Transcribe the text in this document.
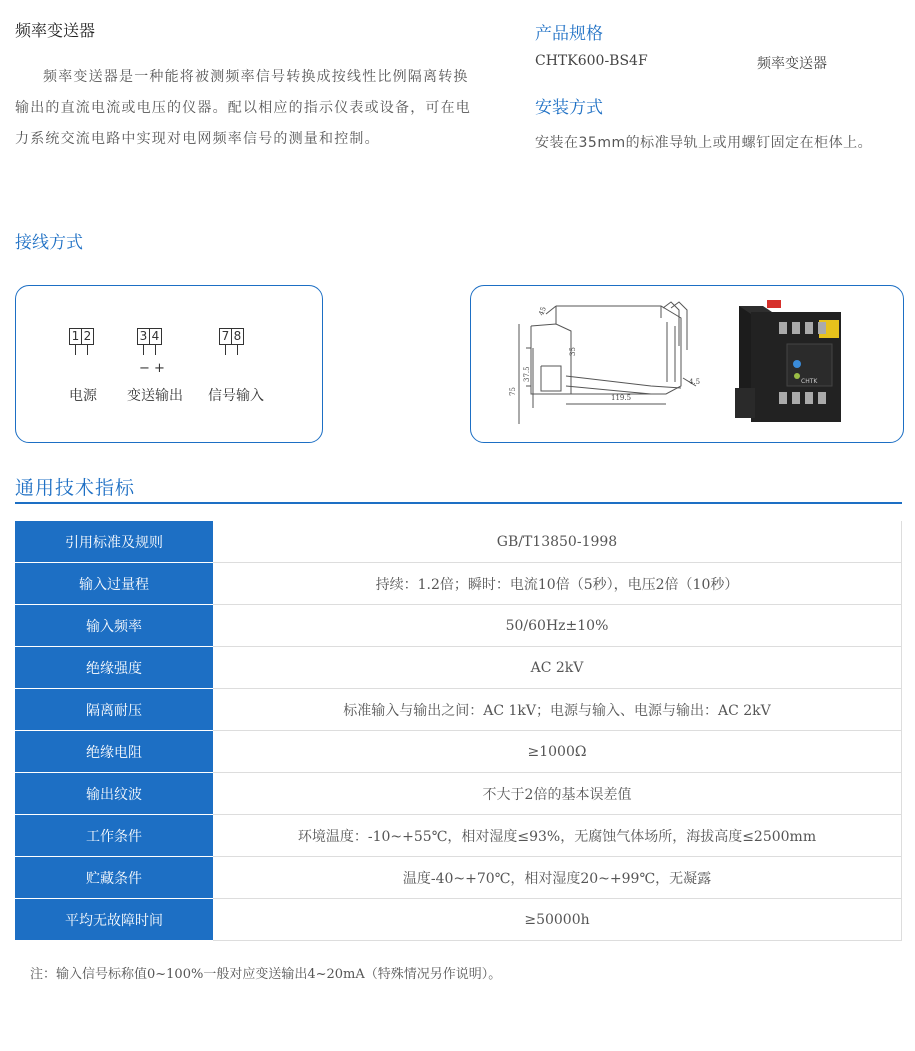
频率变送器
频率变送器是一种能将被测频率信号转换成按线性比例隔离转换输出的直流电流或电压的仪器。配以相应的指示仪表或设备，可在电力系统交流电路中实现对电网频率信号的测量和控制。
产品规格
CHTK600-BS4F	频率变送器
安装方式
安装在35mm的标准导轨上或用螺钉固定在柜体上。
接线方式
1 2
电源
3 4
− +
变送输出
7 8
信号输入
45
35
75
37.5
119.5
4.5	CHTK
通用技术指标
引用标准及规则	GB/T13850-1998
输入过量程	持续：1.2倍；瞬时：电流10倍（5秒），电压2倍（10秒）
输入频率	50/60Hz±10%
绝缘强度	AC 2kV
隔离耐压	标准输入与输出之间：AC 1kV；电源与输入、电源与输出：AC 2kV
绝缘电阻	≥1000Ω
输出纹波	不大于2倍的基本误差值
工作条件	环境温度：-10~+55℃，相对湿度≤93%，无腐蚀气体场所，海拔高度≤2500mm
贮藏条件	温度-40~+70℃，相对湿度20~+99℃，无凝露
平均无故障时间	≥50000h
注：输入信号标称值0~100%一般对应变送输出4~20mA（特殊情况另作说明）。
